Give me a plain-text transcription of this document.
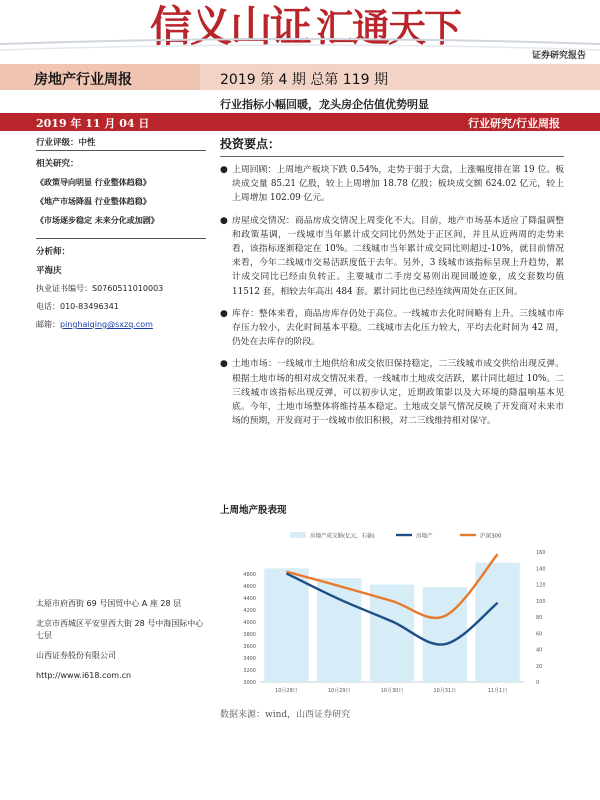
信义山证 汇通天下
证券研究报告
房地产行业周报	2019 第 4 期 总第 119 期
行业指标小幅回暖，龙头房企估值优势明显
2019 年 11 月 04 日	行业研究/行业周报
行业评级：中性
相关研究：
《政策导向明显 行业整体趋稳》
《地产市场降温 行业整体趋稳》
《市场逐步稳定 未来分化或加剧》
分析师：
平海庆
执业证书编号：S0760511010003
电话：010-83496341
邮箱：pinghaiqing@sxzq.com

太原市府西街 69 号国贸中心 A 座 28 层

北京市西城区平安里西大街 28 号中海国际中心七层

山西证券股份有限公司

http://www.i618.com.cn

投资要点：
● 上周回顾：上周地产板块下跌 0.54%，走势于弱于大盘，上涨幅度排在第 19 位。板块成交量 85.21 亿股，较上上周增加 18.78 亿股；板块成交额 624.02 亿元，较上上周增加 102.09 亿元。
● 房屋成交情况：商品房成交情况上周变化不大。目前，地产市场基本适应了降温调整和政策基调，一线城市当年累计成交同比仍然处于正区间，并且从近两周的走势来看，该指标逐渐稳定在 10%。二线城市当年累计成交同比则超过-10%，就目前情况来看，今年二线城市交易活跃度低于去年。另外，3 线城市该指标呈现上升趋势，累计成交同比已经由负转正。主要城市二手房交易则出现回暖迹象，成交套数均值 11512 套，相较去年高出 484 套。累计同比也已经连续两周处在正区间。
● 库存：整体来看，商品房库存仍处于高位。一线城市去化时间略有上升。三线城市库存压力较小，去化时间基本平稳。二线城市去化压力较大，平均去化时间为 42 周，仍处在去库存的阶段。
● 土地市场：一线城市土地供给和成交依旧保持稳定，二三线城市成交供给出现反弹。根据土地市场的相对成交情况来看，一线城市土地成交活跃，累计同比超过 10%。二三线城市该指标出现反弹，可以初步认定，近期政策影以及大环境的降温响基本见底。今年，土地市场整体将维持基本稳定。土地成交景气情况反映了开发商对未来市场的预期，开发商对于一线城市依旧积极，对二三线维持相对保守。
上周地产股表现
4800
4600
4400
4200
4000
3800
3600
3400
3200
3000
160
140
120
100
80
60
40
20
0
10月28日	10月29日	10月30日	10月31日	11月1日
房地产成交额(亿元，右轴)	房地产	沪深300
数据来源：wind，山西证券研究
